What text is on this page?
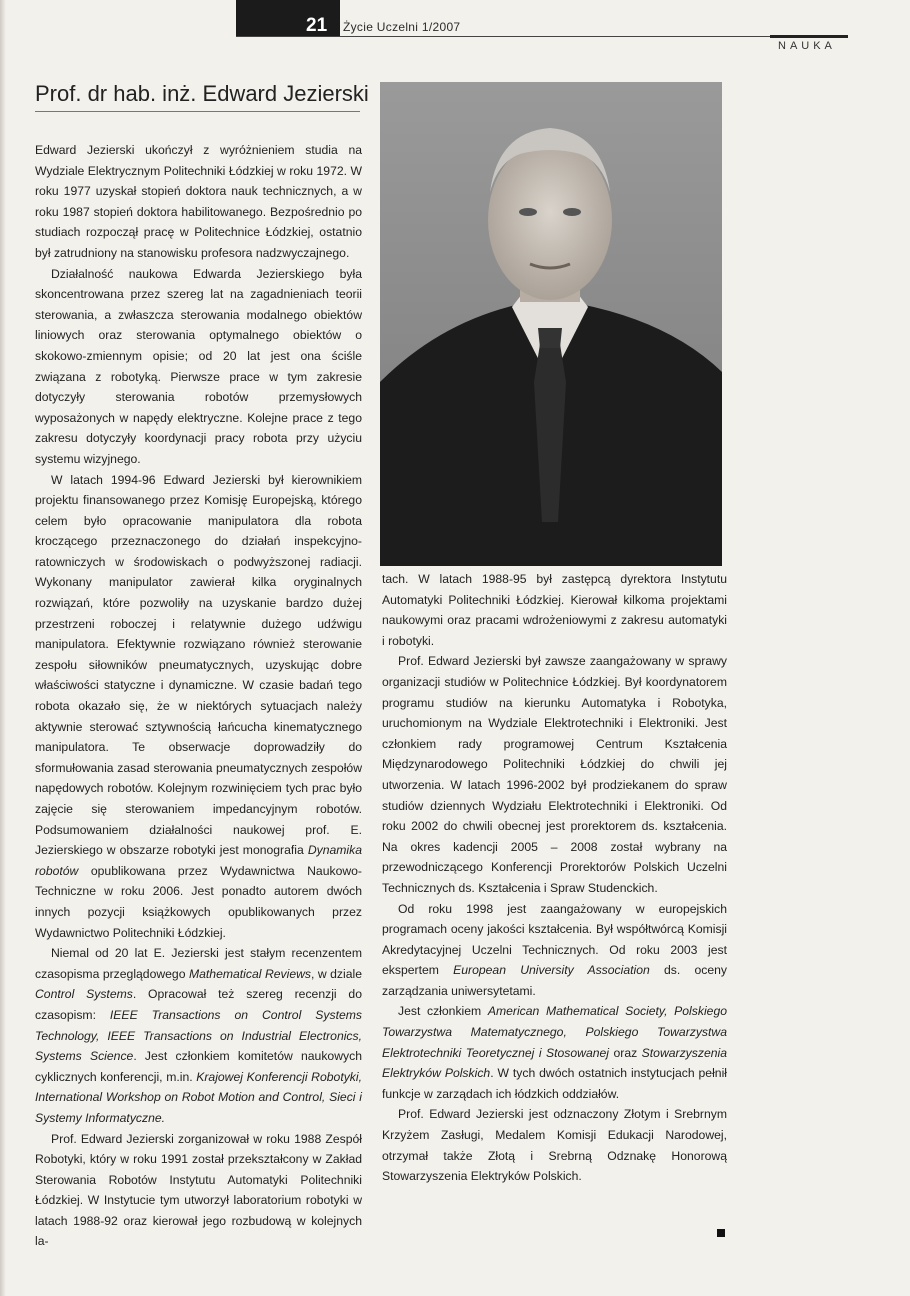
21 Życie Uczelni 1/2007
NAUKA
Prof. dr hab. inż. Edward Jezierski

Edward Jezierski ukończył z wyróżnieniem studia na Wydziale Elektrycznym Politechniki Łódzkiej w roku 1972. W roku 1977 uzyskał stopień doktora nauk technicznych, a w roku 1987 stopień doktora habilitowanego. Bezpośrednio po studiach rozpoczął pracę w Politechnice Łódzkiej, ostatnio był zatrudniony na stanowisku profesora nadzwyczajnego.

Działalność naukowa Edwarda Jezierskiego była skoncentrowana przez szereg lat na zagadnieniach teorii sterowania, a zwłaszcza sterowania modalnego obiektów liniowych oraz sterowania optymalnego obiektów o skokowo-zmiennym opisie; od 20 lat jest ona ściśle związana z robotyką. Pierwsze prace w tym zakresie dotyczyły sterowania robotów przemysłowych wyposażonych w napędy elektryczne. Kolejne prace z tego zakresu dotyczyły koordynacji pracy robota przy użyciu systemu wizyjnego.

W latach 1994-96 Edward Jezierski był kierownikiem projektu finansowanego przez Komisję Europejską, którego celem było opracowanie manipulatora dla robota kroczącego przeznaczonego do działań inspekcyjno-ratowniczych w środowiskach o podwyższonej radiacji. Wykonany manipulator zawierał kilka oryginalnych rozwiązań, które pozwoliły na uzyskanie bardzo dużej przestrzeni roboczej i relatywnie dużego udźwigu manipulatora. Efektywnie rozwiązano również sterowanie zespołu siłowników pneumatycznych, uzyskując dobre właściwości statyczne i dynamiczne. W czasie badań tego robota okazało się, że w niektórych sytuacjach należy aktywnie sterować sztywnością łańcucha kinematycznego manipulatora. Te obserwacje doprowadziły do sformułowania zasad sterowania pneumatycznych zespołów napędowych robotów. Kolejnym rozwinięciem tych prac było zajęcie się sterowaniem impedancyjnym robotów. Podsumowaniem działalności naukowej prof. E. Jezierskiego w obszarze robotyki jest monografia Dynamika robotów opublikowana przez Wydawnictwa Naukowo-Techniczne w roku 2006. Jest ponadto autorem dwóch innych pozycji książkowych opublikowanych przez Wydawnictwo Politechniki Łódzkiej.

Niemal od 20 lat E. Jezierski jest stałym recenzentem czasopisma przeglądowego Mathematical Reviews, w dziale Control Systems. Opracował też szereg recenzji do czasopism: IEEE Transactions on Control Systems Technology, IEEE Transactions on Industrial Electronics, Systems Science. Jest członkiem komitetów naukowych cyklicznych konferencji, m.in. Krajowej Konferencji Robotyki, International Workshop on Robot Motion and Control, Sieci i Systemy Informatyczne.

Prof. Edward Jezierski zorganizował w roku 1988 Zespół Robotyki, który w roku 1991 został przekształcony w Zakład Sterowania Robotów Instytutu Automatyki Politechniki Łódzkiej. W Instytucie tym utworzył laboratorium robotyki w latach 1988-92 oraz kierował jego rozbudową w kolejnych la-

tach. W latach 1988-95 był zastępcą dyrektora Instytutu Automatyki Politechniki Łódzkiej. Kierował kilkoma projektami naukowymi oraz pracami wdrożeniowymi z zakresu automatyki i robotyki.

Prof. Edward Jezierski był zawsze zaangażowany w sprawy organizacji studiów w Politechnice Łódzkiej. Był koordynatorem programu studiów na kierunku Automatyka i Robotyka, uruchomionym na Wydziale Elektrotechniki i Elektroniki. Jest członkiem rady programowej Centrum Kształcenia Międzynarodowego Politechniki Łódzkiej do chwili jej utworzenia. W latach 1996-2002 był prodziekanem do spraw studiów dziennych Wydziału Elektrotechniki i Elektroniki. Od roku 2002 do chwili obecnej jest prorektorem ds. kształcenia. Na okres kadencji 2005 – 2008 został wybrany na przewodniczącego Konferencji Prorektorów Polskich Uczelni Technicznych ds. Kształcenia i Spraw Studenckich.

Od roku 1998 jest zaangażowany w europejskich programach oceny jakości kształcenia. Był współtwórcą Komisji Akredytacyjnej Uczelni Technicznych. Od roku 2003 jest ekspertem European University Association ds. oceny zarządzania uniwersytetami.

Jest członkiem American Mathematical Society, Polskiego Towarzystwa Matematycznego, Polskiego Towarzystwa Elektrotechniki Teoretycznej i Stosowanej oraz Stowarzyszenia Elektryków Polskich. W tych dwóch ostatnich instytucjach pełnił funkcje w zarządach ich łódzkich oddziałów.

Prof. Edward Jezierski jest odznaczony Złotym i Srebrnym Krzyżem Zasługi, Medalem Komisji Edukacji Narodowej, otrzymał także Złotą i Srebrną Odznakę Honorową Stowarzyszenia Elektryków Polskich.
